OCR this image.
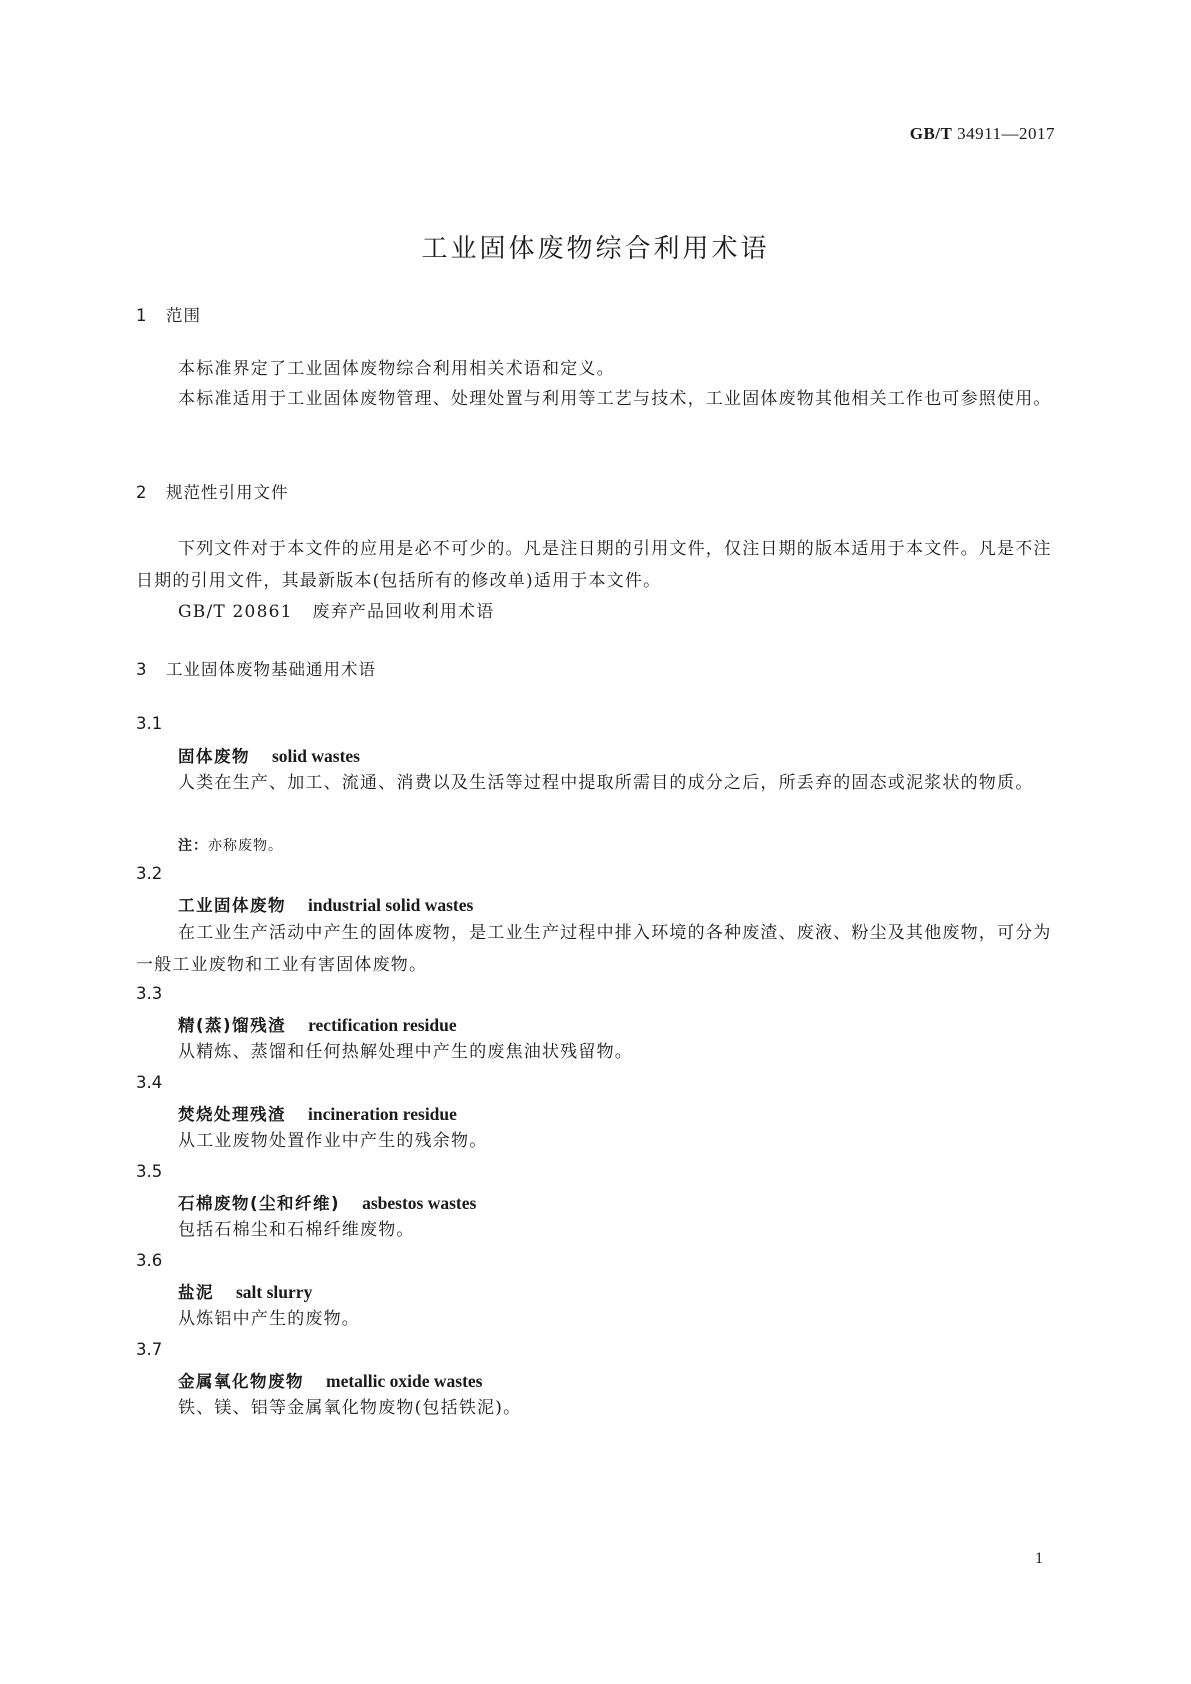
GB/T 34911—2017
工业固体废物综合利用术语
1 范围
本标准界定了工业固体废物综合利用相关术语和定义。
本标准适用于工业固体废物管理、处理处置与利用等工艺与技术，工业固体废物其他相关工作也可参照使用。
2 规范性引用文件
下列文件对于本文件的应用是必不可少的。凡是注日期的引用文件，仅注日期的版本适用于本文件。凡是不注日期的引用文件，其最新版本(包括所有的修改单)适用于本文件。
GB/T 20861 废弃产品回收利用术语
3 工业固体废物基础通用术语
3.1
固体废物 solid wastes
人类在生产、加工、流通、消费以及生活等过程中提取所需目的成分之后，所丢弃的固态或泥浆状的物质。
注：亦称废物。
3.2
工业固体废物 industrial solid wastes
在工业生产活动中产生的固体废物，是工业生产过程中排入环境的各种废渣、废液、粉尘及其他废物，可分为一般工业废物和工业有害固体废物。
3.3
精(蒸)馏残渣 rectification residue
从精炼、蒸馏和任何热解处理中产生的废焦油状残留物。
3.4
焚烧处理残渣 incineration residue
从工业废物处置作业中产生的残余物。
3.5
石棉废物(尘和纤维) asbestos wastes
包括石棉尘和石棉纤维废物。
3.6
盐泥 salt slurry
从炼铝中产生的废物。
3.7
金属氧化物废物 metallic oxide wastes
铁、镁、铝等金属氧化物废物(包括铁泥)。
1
